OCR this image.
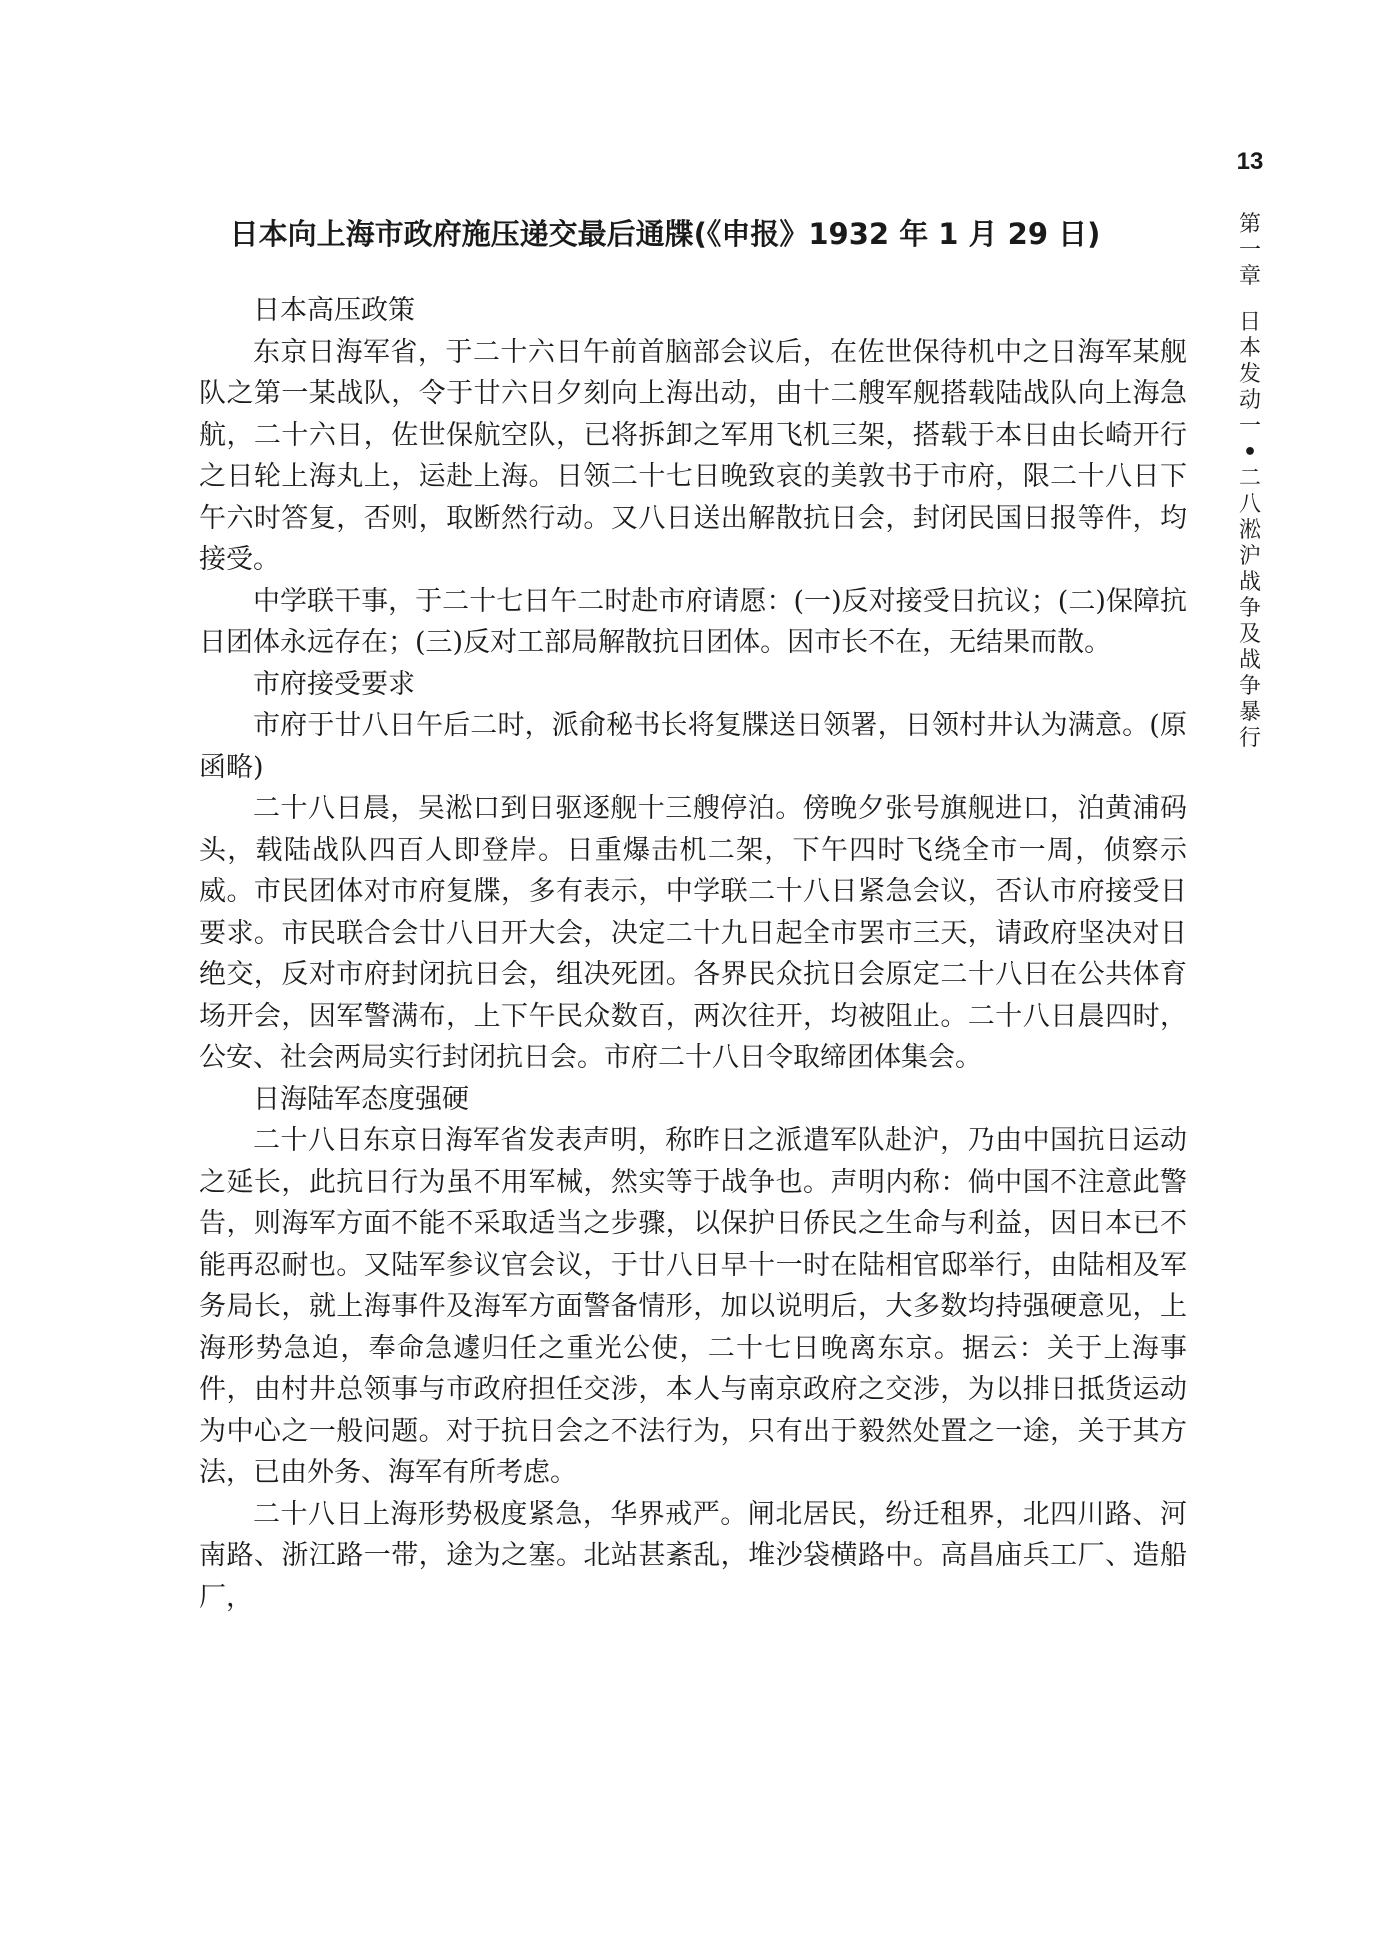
13
第
一
章
日
本
发
动
一
•
二
八
淞
沪
战
争
及
战
争
暴
行
日本向上海市政府施压递交最后通牒(《申报》1932 年 1 月 29 日)

日本高压政策

东京日海军省，于二十六日午前首脑部会议后，在佐世保待机中之日海军某舰队之第一某战队，令于廿六日夕刻向上海出动，由十二艘军舰搭载陆战队向上海急航，二十六日，佐世保航空队，已将拆卸之军用飞机三架，搭载于本日由长崎开行之日轮上海丸上，运赴上海。日领二十七日晚致哀的美敦书于市府，限二十八日下午六时答复，否则，取断然行动。又八日送出解散抗日会，封闭民国日报等件，均接受。

中学联干事，于二十七日午二时赴市府请愿：(一)反对接受日抗议；(二)保障抗日团体永远存在；(三)反对工部局解散抗日团体。因市长不在，无结果而散。

市府接受要求

市府于廿八日午后二时，派俞秘书长将复牒送日领署，日领村井认为满意。(原函略)

二十八日晨，吴淞口到日驱逐舰十三艘停泊。傍晚夕张号旗舰进口，泊黄浦码头，载陆战队四百人即登岸。日重爆击机二架，下午四时飞绕全市一周，侦察示威。市民团体对市府复牒，多有表示，中学联二十八日紧急会议，否认市府接受日要求。市民联合会廿八日开大会，决定二十九日起全市罢市三天，请政府坚决对日绝交，反对市府封闭抗日会，组决死团。各界民众抗日会原定二十八日在公共体育场开会，因军警满布，上下午民众数百，两次往开，均被阻止。二十八日晨四时，公安、社会两局实行封闭抗日会。市府二十八日令取缔团体集会。

日海陆军态度强硬

二十八日东京日海军省发表声明，称昨日之派遣军队赴沪，乃由中国抗日运动之延长，此抗日行为虽不用军械，然实等于战争也。声明内称：倘中国不注意此警告，则海军方面不能不采取适当之步骤，以保护日侨民之生命与利益，因日本已不能再忍耐也。又陆军参议官会议，于廿八日早十一时在陆相官邸举行，由陆相及军务局长，就上海事件及海军方面警备情形，加以说明后，大多数均持强硬意见，上海形势急迫，奉命急遽归任之重光公使，二十七日晚离东京。据云：关于上海事件，由村井总领事与市政府担任交涉，本人与南京政府之交涉，为以排日抵货运动为中心之一般问题。对于抗日会之不法行为，只有出于毅然处置之一途，关于其方法，已由外务、海军有所考虑。

二十八日上海形势极度紧急，华界戒严。闸北居民，纷迁租界，北四川路、河南路、浙江路一带，途为之塞。北站甚紊乱，堆沙袋横路中。高昌庙兵工厂、造船厂，
